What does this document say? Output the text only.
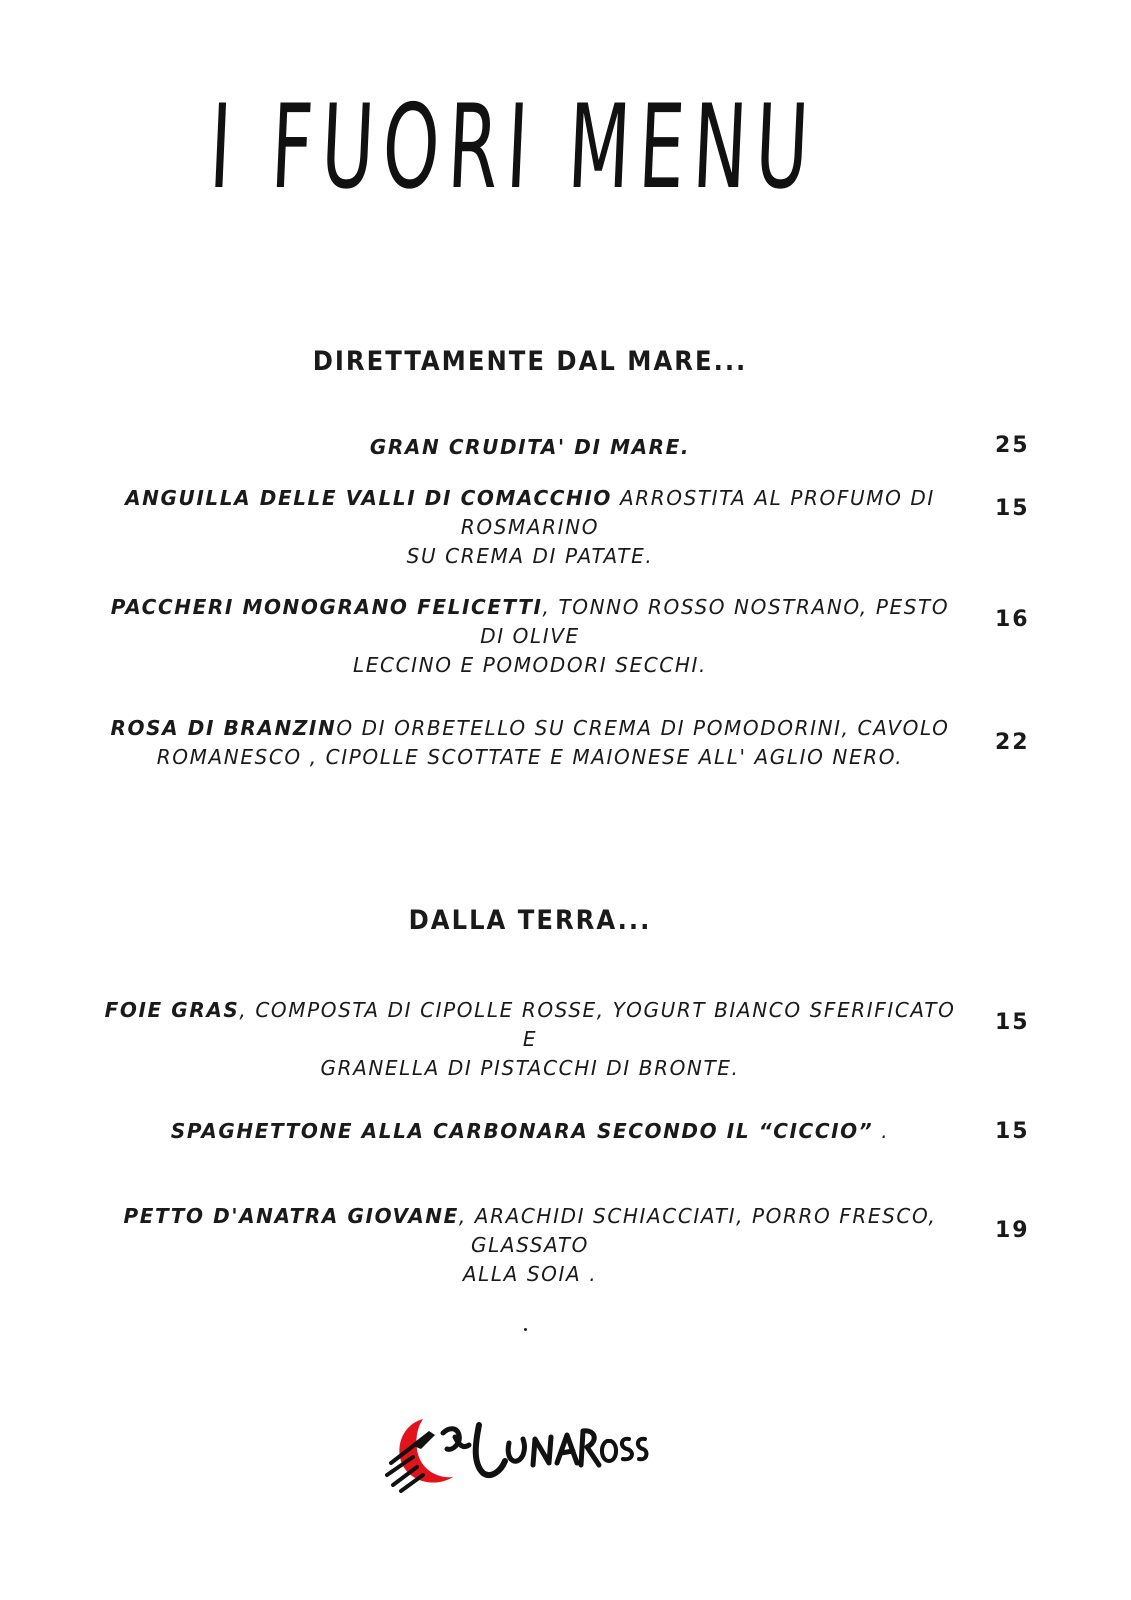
I FUORI MENU
DIRETTAMENTE DAL MARE...
GRAN CRUDITA' DI MARE.	25
ANGUILLA DELLE VALLI DI COMACCHIO ARROSTITA AL PROFUMO DI ROSMARINO
SU CREMA DI PATATE.
15
PACCHERI MONOGRANO FELICETTI, TONNO ROSSO NOSTRANO, PESTO DI OLIVE
LECCINO E POMODORI SECCHI.
16
ROSA DI BRANZINO DI ORBETELLO SU CREMA DI POMODORINI, CAVOLO
ROMANESCO , CIPOLLE SCOTTATE E MAIONESE ALL' AGLIO NERO.
22
DALLA TERRA...
FOIE GRAS, COMPOSTA DI CIPOLLE ROSSE, YOGURT BIANCO SFERIFICATO E
GRANELLA DI PISTACCHI DI BRONTE.
15
SPAGHETTONE ALLA CARBONARA SECONDO IL “CICCIO” .	15
PETTO D'ANATRA GIOVANE, ARACHIDI SCHIACCIATI, PORRO FRESCO, GLASSATO
ALLA SOIA .
19
